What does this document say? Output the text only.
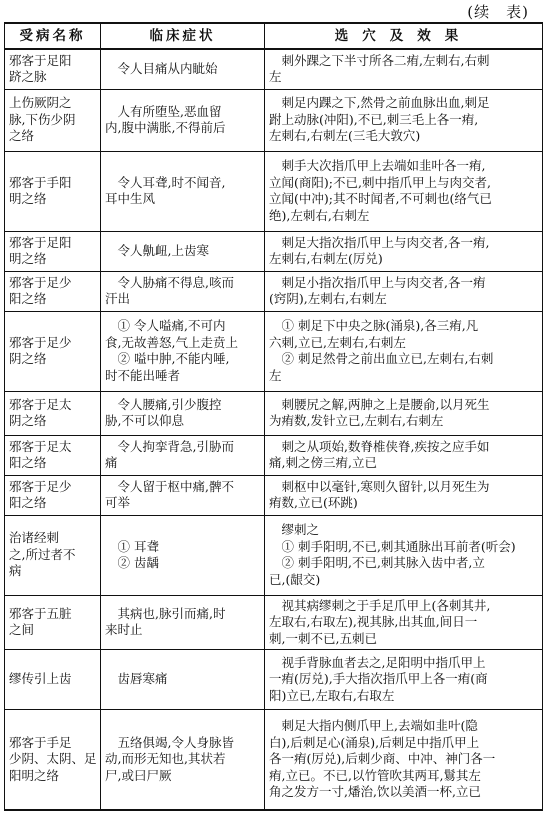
(续　表)
受病名称	临床症状	选穴及效果

邪客于足阳
跻之脉	令人目痛从内眦始	刺外踝之下半寸所各二痏,左刺右,右刺
左

上伤厥阴之
脉,下伤少阴
之络	人有所堕坠,恶血留
内,腹中满胀,不得前后	刺足内踝之下,然骨之前血脉出血,刺足
跗上动脉(冲阳),不已,刺三毛上各一痏,
左刺右,右刺左(三毛大敦穴)

邪客于手阳
明之络	令人耳聋,时不闻音,
耳中生风	刺手大次指爪甲上去端如韭叶各一痏,
立闻(商阳);不已,刺中指爪甲上与肉交者,
立闻(中冲);其不时闻者,不可刺也(络气已
绝),左刺右,右刺左

邪客于足阳
明之络	令人鼽衄,上齿寒	刺足大指次指爪甲上与肉交者,各一痏,
左刺右,右刺左(厉兑)

邪客于足少
阳之络	令人胁痛不得息,咳而
汗出	刺足小指次指爪甲上与肉交者,各一痏
(窍阴),左刺右,右刺左

邪客于足少
阴之络	① 令人嗌痛,不可内
食,无故善怒,气上走贲上
② 嗌中肿,不能内唾,
时不能出唾者	① 刺足下中央之脉(涌泉),各三痏,凡
六刺,立已,左刺右,右刺左
② 刺足然骨之前出血立已,左刺右,右刺
左

邪客于足太
阴之络	令人腰痛,引少腹控
胁,不可以仰息	刺腰尻之解,两胂之上是腰俞,以月死生
为痏数,发针立已,左刺右,右刺左

邪客于足太
阳之络	令人拘挛背急,引胁而
痛	刺之从项始,数脊椎侠脊,疾按之应手如
痛,刺之傍三痏,立已

邪客于足少
阳之络	令人留于枢中痛,髀不
可举	刺枢中以毫针,寒则久留针,以月死生为
痏数,立已(环跳)

治诸经刺
之,所过者不
病	① 耳聋
② 齿龋	缪刺之
① 刺手阳明,不已,刺其通脉出耳前者(听会)
② 刺手阳明,不已,刺其脉入齿中者,立
已,(龈交)

邪客于五脏
之间	其病也,脉引而痛,时
来时止	视其病缪刺之于手足爪甲上(各刺其井,
左取右,右取左),视其脉,出其血,间日一
刺,一刺不已,五刺已

缪传引上齿	齿唇寒痛	视手背脉血者去之,足阳明中指爪甲上
一痏(厉兑),手大指次指爪甲上各一痏(商
阳)立已,左取右,右取左

邪客于手足
少阴、太阴、足
阳明之络	五络俱竭,令人身脉皆
动,而形无知也,其状若
尸,或曰尸厥	刺足大指内侧爪甲上,去端如韭叶(隐
白),后刺足心(涌泉),后刺足中指爪甲上
各一痏(厉兑),后刺少商、中冲、神门各一
痏,立已。不已,以竹管吹其两耳,鬄其左
角之发方一寸,燔治,饮以美酒一杯,立已
